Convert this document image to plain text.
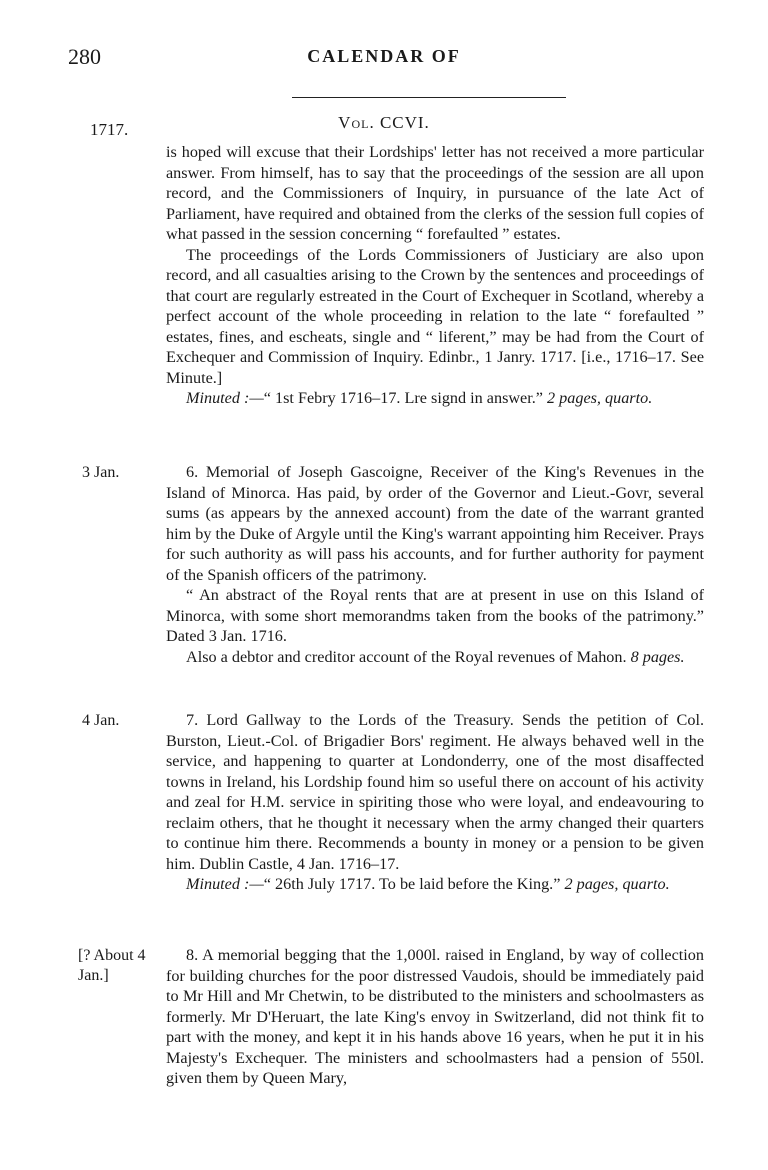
280	CALENDAR OF
1717.	Vol. CCVI.

is hoped will excuse that their Lordships' letter has not received a more particular answer. From himself, has to say that the proceedings of the session are all upon record, and the Commissioners of Inquiry, in pursuance of the late Act of Parliament, have required and obtained from the clerks of the session full copies of what passed in the session concerning “ forefaulted ” estates.

The proceedings of the Lords Commissioners of Justiciary are also upon record, and all casualties arising to the Crown by the sentences and proceedings of that court are regularly estreated in the Court of Exchequer in Scotland, whereby a perfect account of the whole proceeding in relation to the late “ forefaulted ” estates, fines, and escheats, single and “ liferent,” may be had from the Court of Exchequer and Commission of Inquiry. Edinbr., 1 Janry. 1717. [i.e., 1716–17. See Minute.]

Minuted :—“ 1st Febry 1716–17. Lre signd in answer.” 2 pages, quarto.

3 Jan.	6. Memorial of Joseph Gascoigne, Receiver of the King's Revenues in the Island of Minorca. Has paid, by order of the Governor and Lieut.-Govr, several sums (as appears by the annexed account) from the date of the warrant granted him by the Duke of Argyle until the King's warrant appointing him Receiver. Prays for such authority as will pass his accounts, and for further authority for payment of the Spanish officers of the patrimony.

“ An abstract of the Royal rents that are at present in use on this Island of Minorca, with some short memorandms taken from the books of the patrimony.” Dated 3 Jan. 1716.

Also a debtor and creditor account of the Royal revenues of Mahon. 8 pages.

4 Jan.	7. Lord Gallway to the Lords of the Treasury. Sends the petition of Col. Burston, Lieut.-Col. of Brigadier Bors' regiment. He always behaved well in the service, and happening to quarter at Londonderry, one of the most disaffected towns in Ireland, his Lordship found him so useful there on account of his activity and zeal for H.M. service in spiriting those who were loyal, and endeavouring to reclaim others, that he thought it necessary when the army changed their quarters to continue him there. Recommends a bounty in money or a pension to be given him. Dublin Castle, 4 Jan. 1716–17.

Minuted :—“ 26th July 1717. To be laid before the King.” 2 pages, quarto.

[? About 4 Jan.]

8. A memorial begging that the 1,000l. raised in England, by way of collection for building churches for the poor distressed Vaudois, should be immediately paid to Mr Hill and Mr Chetwin, to be distributed to the ministers and schoolmasters as formerly. Mr D'Heruart, the late King's envoy in Switzerland, did not think fit to part with the money, and kept it in his hands above 16 years, when he put it in his Majesty's Exchequer. The ministers and schoolmasters had a pension of 550l. given them by Queen Mary,
